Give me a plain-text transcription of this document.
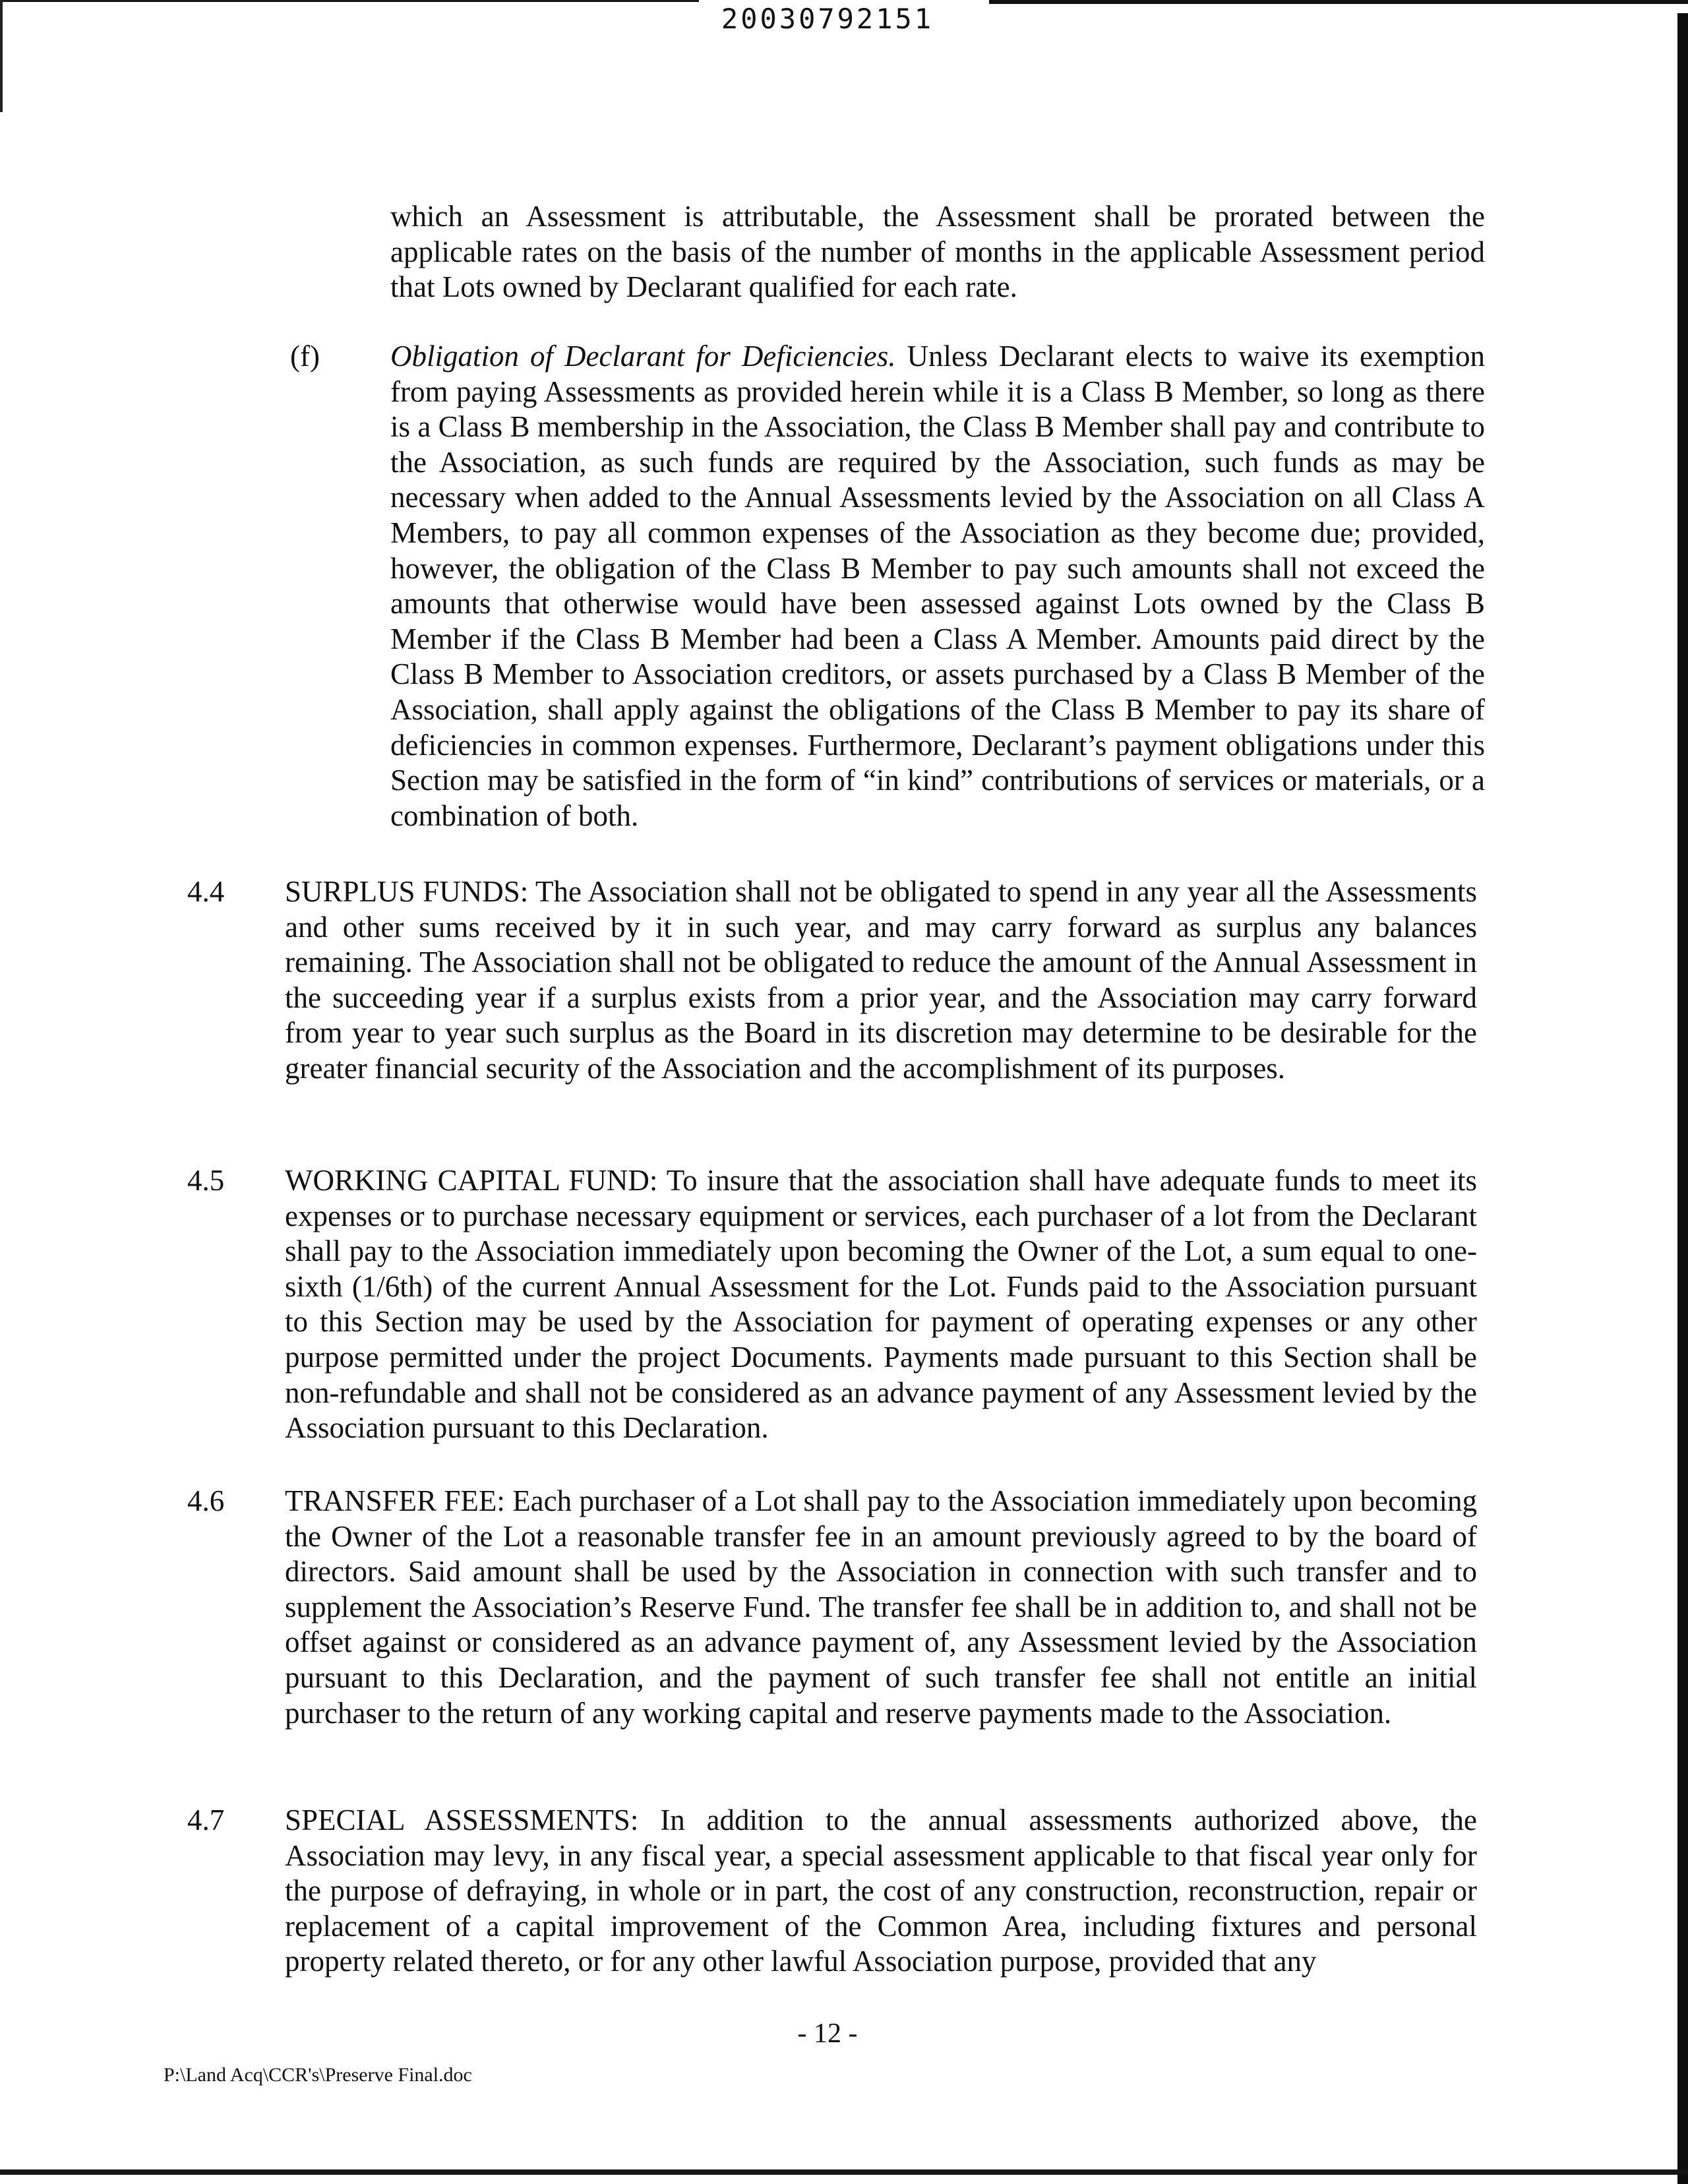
20030792151

which an Assessment is attributable, the Assessment shall be prorated between the applicable rates on the basis of the number of months in the applicable Assessment period that Lots owned by Declarant qualified for each rate.

(f) Obligation of Declarant for Deficiencies. Unless Declarant elects to waive its exemption from paying Assessments as provided herein while it is a Class B Member, so long as there is a Class B membership in the Association, the Class B Member shall pay and contribute to the Association, as such funds are required by the Association, such funds as may be necessary when added to the Annual Assessments levied by the Association on all Class A Members, to pay all common expenses of the Association as they become due; provided, however, the obligation of the Class B Member to pay such amounts shall not exceed the amounts that otherwise would have been assessed against Lots owned by the Class B Member if the Class B Member had been a Class A Member. Amounts paid direct by the Class B Member to Association creditors, or assets purchased by a Class B Member of the Association, shall apply against the obligations of the Class B Member to pay its share of deficiencies in common expenses. Furthermore, Declarant’s payment obligations under this Section may be satisfied in the form of “in kind” contributions of services or materials, or a combination of both.

4.4 SURPLUS FUNDS: The Association shall not be obligated to spend in any year all the Assessments and other sums received by it in such year, and may carry forward as surplus any balances remaining. The Association shall not be obligated to reduce the amount of the Annual Assessment in the succeeding year if a surplus exists from a prior year, and the Association may carry forward from year to year such surplus as the Board in its discretion may determine to be desirable for the greater financial security of the Association and the accomplishment of its purposes.

4.5 WORKING CAPITAL FUND: To insure that the association shall have adequate funds to meet its expenses or to purchase necessary equipment or services, each purchaser of a lot from the Declarant shall pay to the Association immediately upon becoming the Owner of the Lot, a sum equal to one-sixth (1/6th) of the current Annual Assessment for the Lot. Funds paid to the Association pursuant to this Section may be used by the Association for payment of operating expenses or any other purpose permitted under the project Documents. Payments made pursuant to this Section shall be non-refundable and shall not be considered as an advance payment of any Assessment levied by the Association pursuant to this Declaration.

4.6 TRANSFER FEE: Each purchaser of a Lot shall pay to the Association immediately upon becoming the Owner of the Lot a reasonable transfer fee in an amount previously agreed to by the board of directors. Said amount shall be used by the Association in connection with such transfer and to supplement the Association’s Reserve Fund. The transfer fee shall be in addition to, and shall not be offset against or considered as an advance payment of, any Assessment levied by the Association pursuant to this Declaration, and the payment of such transfer fee shall not entitle an initial purchaser to the return of any working capital and reserve payments made to the Association.

4.7 SPECIAL ASSESSMENTS: In addition to the annual assessments authorized above, the Association may levy, in any fiscal year, a special assessment applicable to that fiscal year only for the purpose of defraying, in whole or in part, the cost of any construction, reconstruction, repair or replacement of a capital improvement of the Common Area, including fixtures and personal property related thereto, or for any other lawful Association purpose, provided that any

- 12 -
P:\Land Acq\CCR's\Preserve Final.doc
